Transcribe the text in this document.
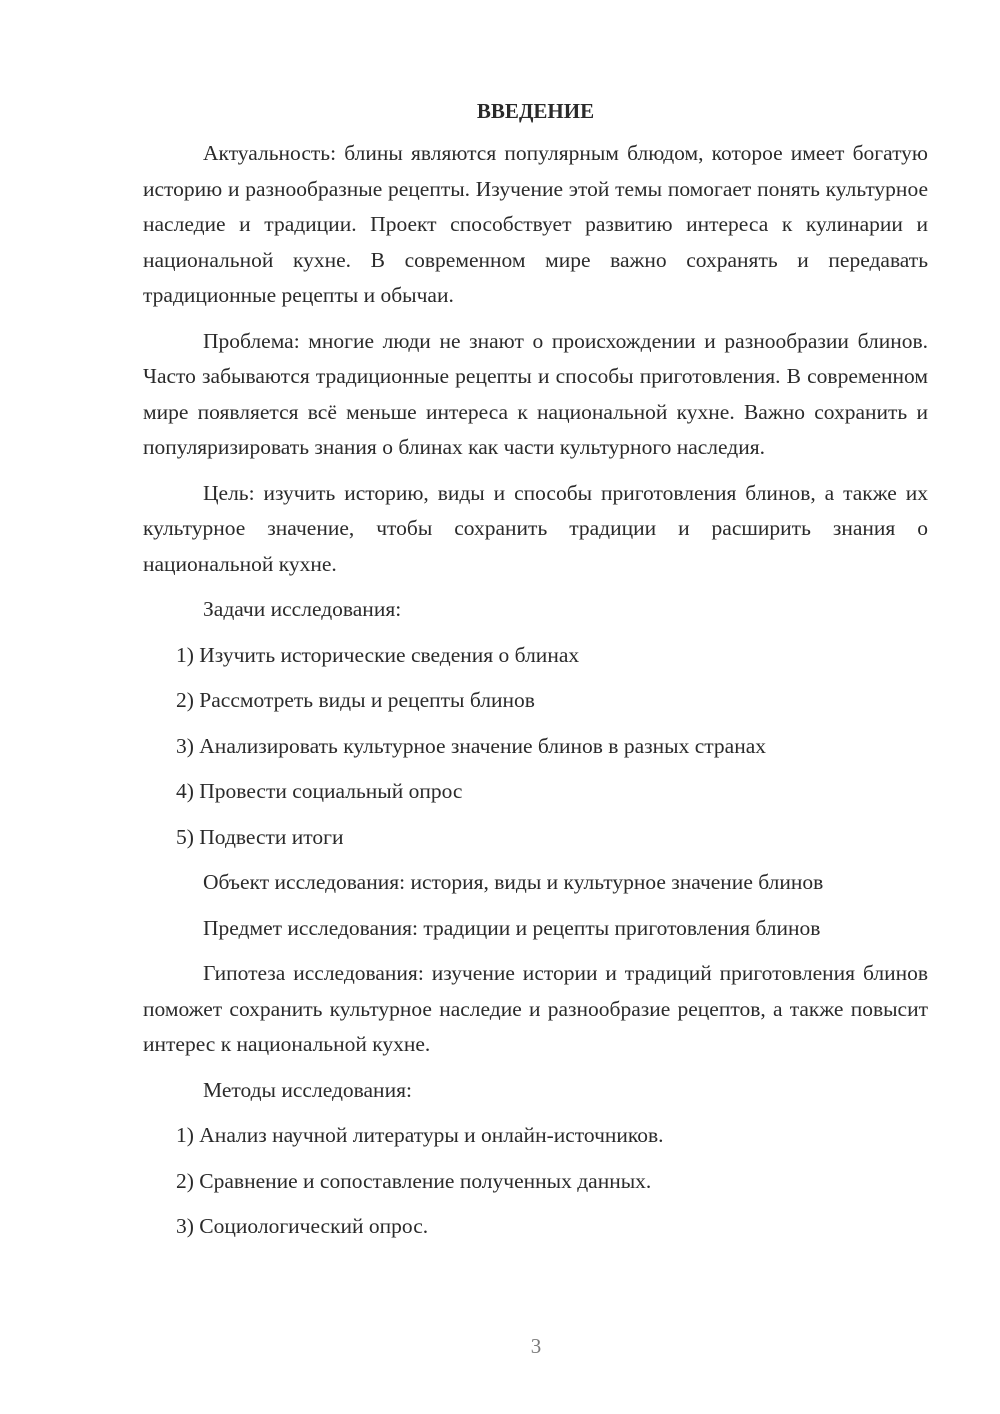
ВВЕДЕНИЕ
Актуальность: блины являются популярным блюдом, которое имеет богатую историю и разнообразные рецепты. Изучение этой темы помогает понять культурное наследие и традиции. Проект способствует развитию интереса к кулинарии и национальной кухне. В современном мире важно сохранять и передавать традиционные рецепты и обычаи.
Проблема: многие люди не знают о происхождении и разнообразии блинов. Часто забываются традиционные рецепты и способы приготовления. В современном мире появляется всё меньше интереса к национальной кухне. Важно сохранить и популяризировать знания о блинах как части культурного наследия.
Цель: изучить историю, виды и способы приготовления блинов, а также их культурное значение, чтобы сохранить традиции и расширить знания о национальной кухне.
Задачи исследования:
1) Изучить исторические сведения о блинах
2) Рассмотреть виды и рецепты блинов
3) Анализировать культурное значение блинов в разных странах
4) Провести социальный опрос
5) Подвести итоги
Объект исследования: история, виды и культурное значение блинов
Предмет исследования: традиции и рецепты приготовления блинов
Гипотеза исследования: изучение истории и традиций приготовления блинов поможет сохранить культурное наследие и разнообразие рецептов, а также повысит интерес к национальной кухне.
Методы исследования:
1) Анализ научной литературы и онлайн-источников.
2) Сравнение и сопоставление полученных данных.
3) Социологический опрос.
3
